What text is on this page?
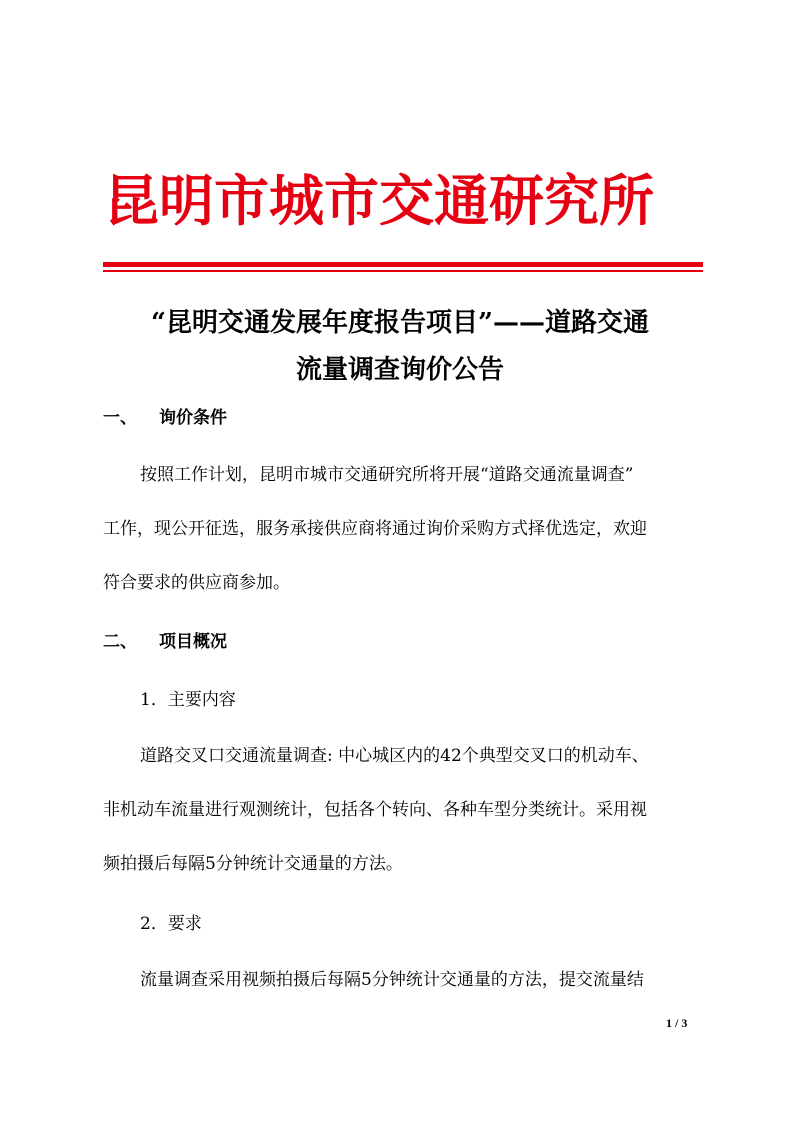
昆明市城市交通研究所
“昆明交通发展年度报告项目”——道路交通
流量调查询价公告
一、 询价条件
按照工作计划，昆明市城市交通研究所将开展“道路交通流量调查”
工作，现公开征选，服务承接供应商将通过询价采购方式择优选定，欢迎
符合要求的供应商参加。
二、 项目概况
1．主要内容
道路交叉口交通流量调查: 中心城区内的42个典型交叉口的机动车、
非机动车流量进行观测统计，包括各个转向、各种车型分类统计。采用视
频拍摄后每隔5分钟统计交通量的方法。
2．要求
流量调查采用视频拍摄后每隔5分钟统计交通量的方法，提交流量结
1 / 3
